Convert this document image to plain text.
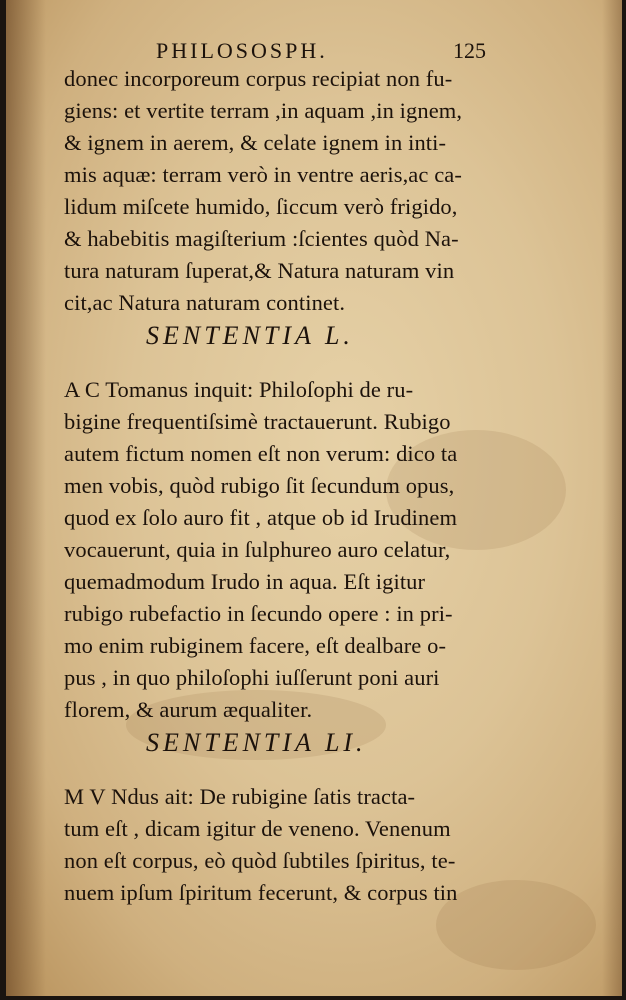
PHILOSOSPH.	125
donec incorporeum corpus recipiat non fu-
giens: et vertite terram ,in aquam ,in ignem,
& ignem in aerem, & celate ignem in inti-
mis aquæ: terram verò in ventre aeris,ac ca-
lidum miſcete humido, ſiccum verò frigido,
& habebitis magiſterium :ſcientes quòd Na-
tura naturam ſuperat,& Natura naturam vin
cit,ac Natura naturam continet.
SENTENTIA L.
A C Tomanus inquit: Philoſophi de ru-
bigine frequentiſsimè tractauerunt. Rubigo
autem fictum nomen eſt non verum: dico ta
men vobis, quòd rubigo ſit ſecundum opus,
quod ex ſolo auro fit , atque ob id Irudinem
vocauerunt, quia in ſulphureo auro celatur,
quemadmodum Irudo in aqua. Eſt igitur
rubigo rubefactio in ſecundo opere : in pri-
mo enim rubiginem facere, eſt dealbare o-
pus , in quo philoſophi iuſſerunt poni auri
florem, & aurum æqualiter.
SENTENTIA LI.
M V Ndus ait: De rubigine ſatis tracta-
tum eſt , dicam igitur de veneno. Venenum
non eſt corpus, eò quòd ſubtiles ſpiritus, te-
nuem ipſum ſpiritum fecerunt, & corpus tin
